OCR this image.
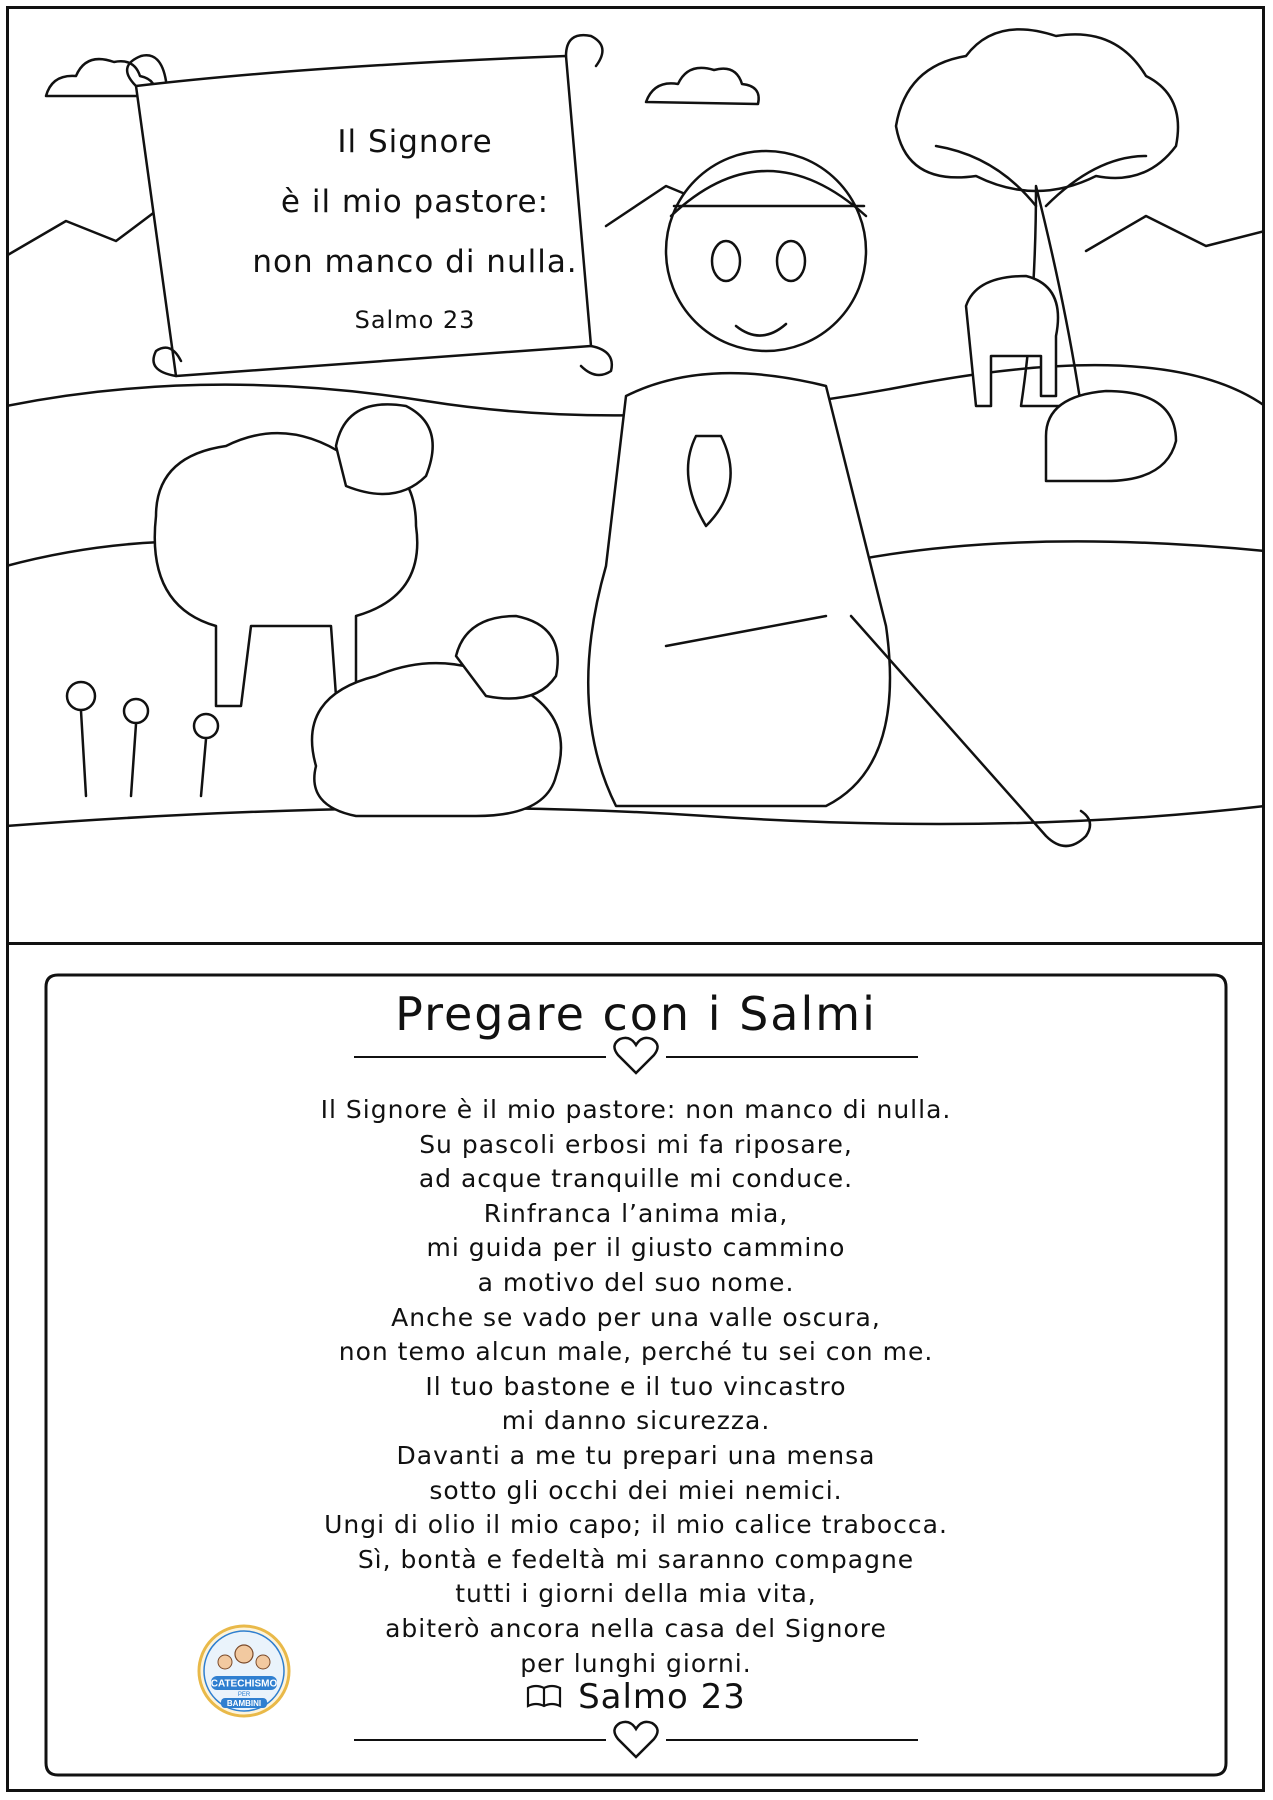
Il Signore
è il mio pastore:
non manco di nulla.
Salmo 23
Pregare con i Salmi
Il Signore è il mio pastore: non manco di nulla.
Su pascoli erbosi mi fa riposare,
ad acque tranquille mi conduce.
Rinfranca l’anima mia,
mi guida per il giusto cammino
a motivo del suo nome.
Anche se vado per una valle oscura,
non temo alcun male, perché tu sei con me.
Il tuo bastone e il tuo vincastro
mi danno sicurezza.
Davanti a me tu prepari una mensa
sotto gli occhi dei miei nemici.
Ungi di olio il mio capo; il mio calice trabocca.
Sì, bontà e fedeltà mi saranno compagne
tutti i giorni della mia vita,
abiterò ancora nella casa del Signore
per lunghi giorni.
Salmo 23
CATECHISMO
PER
BAMBINI
